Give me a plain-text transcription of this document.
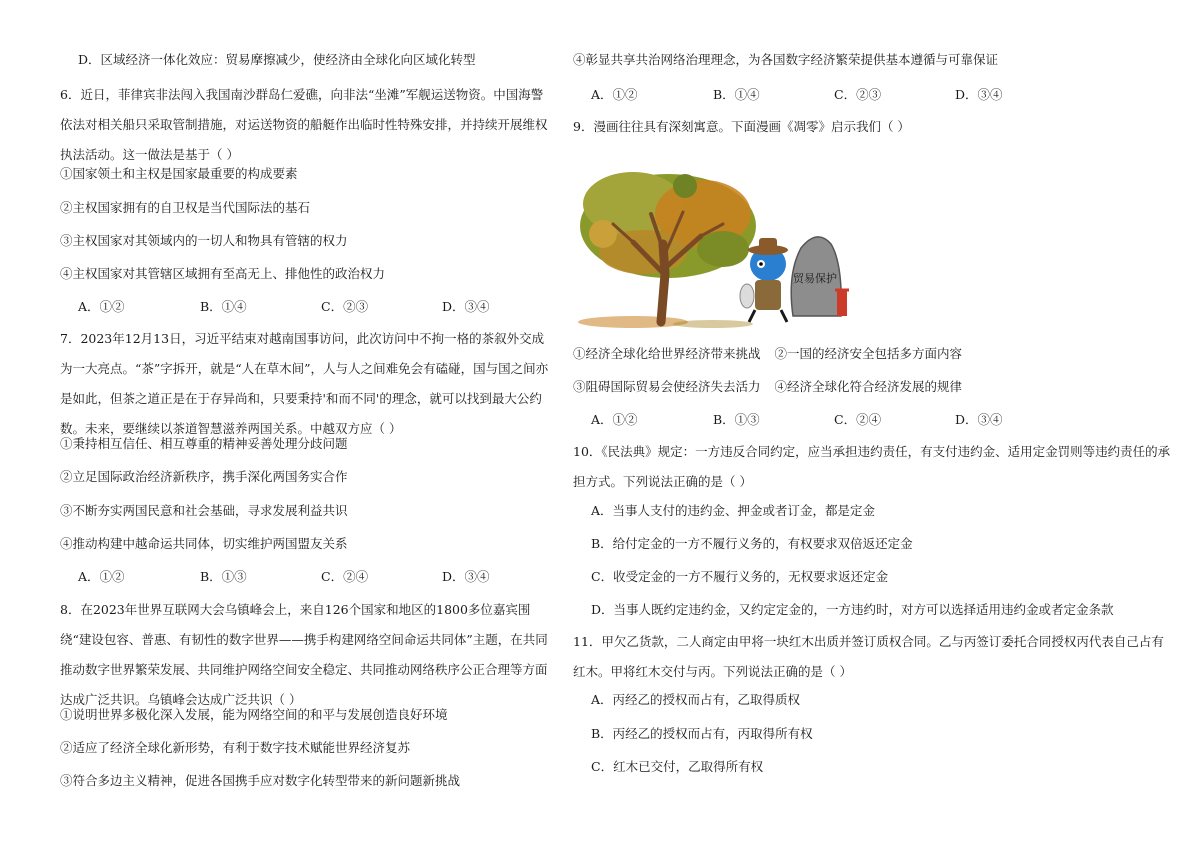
D．区域经济一体化效应：贸易摩擦减少，使经济由全球化向区域化转型
6．近日，菲律宾非法闯入我国南沙群岛仁爱礁，向非法“坐滩”军舰运送物资。中国海警依法对相关船只采取管制措施，对运送物资的船艇作出临时性特殊安排，并持续开展维权执法活动。这一做法是基于（ ）
①国家领土和主权是国家最重要的构成要素
②主权国家拥有的自卫权是当代国际法的基石
③主权国家对其领域内的一切人和物具有管辖的权力
④主权国家对其管辖区域拥有至高无上、排他性的政治权力
A．①②	B．①④	C．②③	D．③④
7．2023年12月13日，习近平结束对越南国事访问，此次访问中不拘一格的茶叙外交成为一大亮点。“茶”字拆开，就是“人在草木间”，人与人之间难免会有磕碰，国与国之间亦是如此，但茶之道正是在于存异尚和，只要秉持'和而不同'的理念，就可以找到最大公约数。未来，要继续以茶道智慧滋养两国关系。中越双方应（ ）
①秉持相互信任、相互尊重的精神妥善处理分歧问题
②立足国际政治经济新秩序，携手深化两国务实合作
③不断夯实两国民意和社会基础，寻求发展利益共识
④推动构建中越命运共同体，切实维护两国盟友关系
A．①②	B．①③	C．②④	D．③④
8．在2023年世界互联网大会乌镇峰会上，来自126个国家和地区的1800多位嘉宾围绕“建设包容、普惠、有韧性的数字世界——携手构建网络空间命运共同体”主题，在共同推动数字世界繁荣发展、共同维护网络空间安全稳定、共同推动网络秩序公正合理等方面达成广泛共识。乌镇峰会达成广泛共识（ ）
①说明世界多极化深入发展，能为网络空间的和平与发展创造良好环境
②适应了经济全球化新形势，有利于数字技术赋能世界经济复苏
③符合多边主义精神，促进各国携手应对数字化转型带来的新问题新挑战
④彰显共享共治网络治理理念，为各国数字经济繁荣提供基本遵循与可靠保证
A．①②	B．①④	C．②③	D．③④
9．漫画往往具有深刻寓意。下面漫画《凋零》启示我们（ ）
①经济全球化给世界经济带来挑战 ②一国的经济安全包括多方面内容
③阻碍国际贸易会使经济失去活力 ④经济全球化符合经济发展的规律
A．①②	B．①③	C．②④	D．③④
10．《民法典》规定：一方违反合同约定，应当承担违约责任，有支付违约金、适用定金罚则等违约责任的承担方式。下列说法正确的是（ ）
A．当事人支付的违约金、押金或者订金，都是定金
B．给付定金的一方不履行义务的，有权要求双倍返还定金
C．收受定金的一方不履行义务的，无权要求返还定金
D．当事人既约定违约金，又约定定金的，一方违约时，对方可以选择适用违约金或者定金条款
11．甲欠乙货款，二人商定由甲将一块红木出质并签订质权合同。乙与丙签订委托合同授权丙代表自己占有红木。甲将红木交付与丙。下列说法正确的是（ ）
A．丙经乙的授权而占有，乙取得质权
B．丙经乙的授权而占有，丙取得所有权
C．红木已交付，乙取得所有权
贸易保护
